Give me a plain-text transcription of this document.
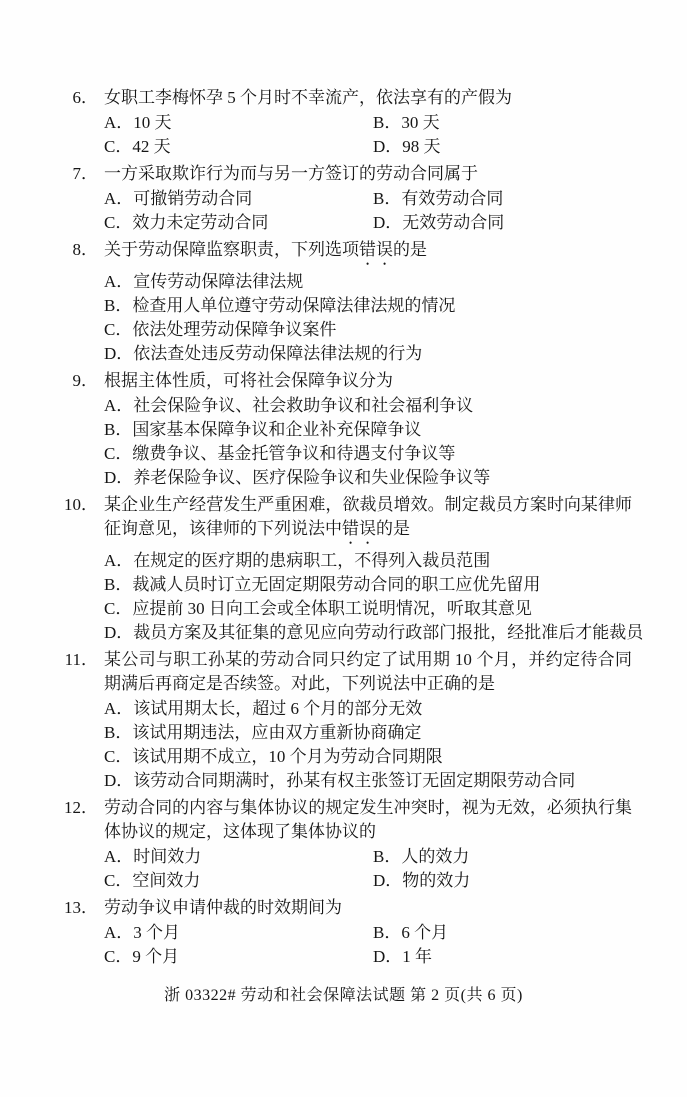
6． 女职工李梅怀孕 5 个月时不幸流产，依法享有的产假为

A．10 天	B．30 天
C．42 天	D．98 天
7． 一方采取欺诈行为而与另一方签订的劳动合同属于

A．可撤销劳动合同	B．有效劳动合同
C．效力未定劳动合同	D．无效劳动合同
8． 关于劳动保障监察职责，下列选项错误的是

A．宣传劳动保障法律法规
B．检查用人单位遵守劳动保障法律法规的情况
C．依法处理劳动保障争议案件
D．依法查处违反劳动保障法律法规的行为
9． 根据主体性质，可将社会保障争议分为

A．社会保险争议、社会救助争议和社会福利争议
B．国家基本保障争议和企业补充保障争议
C．缴费争议、基金托管争议和待遇支付争议等
D．养老保险争议、医疗保险争议和失业保险争议等
10． 某企业生产经营发生严重困难，欲裁员增效。制定裁员方案时向某律师征询意见，该律师的下列说法中错误的是

A．在规定的医疗期的患病职工，不得列入裁员范围
B．裁减人员时订立无固定期限劳动合同的职工应优先留用
C．应提前 30 日向工会或全体职工说明情况，听取其意见
D．裁员方案及其征集的意见应向劳动行政部门报批，经批准后才能裁员
11． 某公司与职工孙某的劳动合同只约定了试用期 10 个月，并约定待合同期满后再商定是否续签。对此，下列说法中正确的是

A．该试用期太长，超过 6 个月的部分无效
B．该试用期违法，应由双方重新协商确定
C．该试用期不成立，10 个月为劳动合同期限
D．该劳动合同期满时，孙某有权主张签订无固定期限劳动合同
12． 劳动合同的内容与集体协议的规定发生冲突时，视为无效，必须执行集体协议的规定，这体现了集体协议的

A．时间效力	B．人的效力
C．空间效力	D．物的效力
13． 劳动争议申请仲裁的时效期间为

A．3 个月	B．6 个月
C．9 个月	D．1 年
浙 03322# 劳动和社会保障法试题 第 2 页(共 6 页)
